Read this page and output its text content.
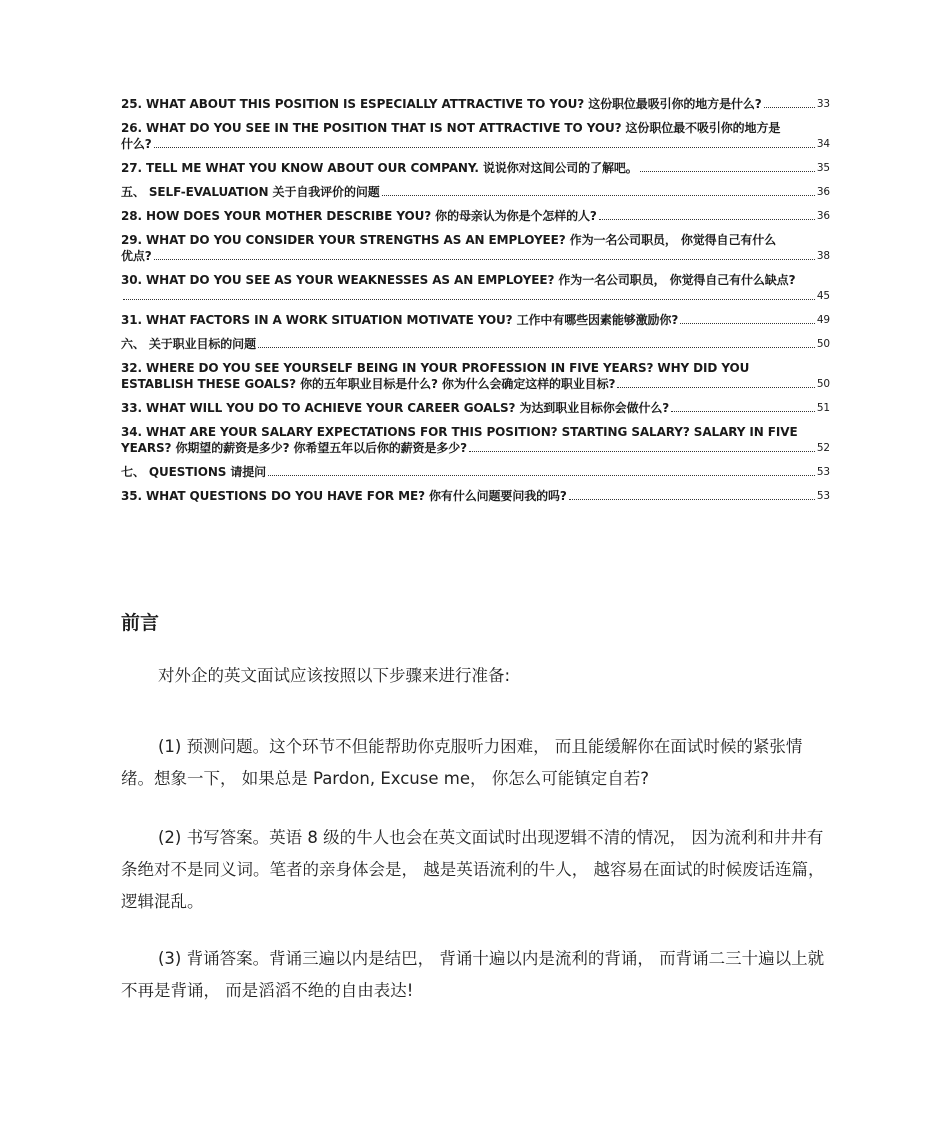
25. WHAT ABOUT THIS POSITION IS ESPECIALLY ATTRACTIVE TO YOU? 这份职位最吸引你的地方是什么?	33
26. WHAT DO YOU SEE IN THE POSITION THAT IS NOT ATTRACTIVE TO YOU? 这份职位最不吸引你的地方是
什么?	34
27. TELL ME WHAT YOU KNOW ABOUT OUR COMPANY. 说说你对这间公司的了解吧。	35
五、 SELF-EVALUATION 关于自我评价的问题	36
28. HOW DOES YOUR MOTHER DESCRIBE YOU? 你的母亲认为你是个怎样的人?	36
29. WHAT DO YOU CONSIDER YOUR STRENGTHS AS AN EMPLOYEE? 作为一名公司职员， 你觉得自己有什么
优点?	38
30. WHAT DO YOU SEE AS YOUR WEAKNESSES AS AN EMPLOYEE? 作为一名公司职员， 你觉得自己有什么缺点?
45
31. WHAT FACTORS IN A WORK SITUATION MOTIVATE YOU? 工作中有哪些因素能够激励你?	49
六、 关于职业目标的问题	50
32. WHERE DO YOU SEE YOURSELF BEING IN YOUR PROFESSION IN FIVE YEARS? WHY DID YOU
ESTABLISH THESE GOALS? 你的五年职业目标是什么? 你为什么会确定这样的职业目标?	50
33. WHAT WILL YOU DO TO ACHIEVE YOUR CAREER GOALS? 为达到职业目标你会做什么?	51
34. WHAT ARE YOUR SALARY EXPECTATIONS FOR THIS POSITION? STARTING SALARY? SALARY IN FIVE
YEARS? 你期望的薪资是多少? 你希望五年以后你的薪资是多少?	52
七、 QUESTIONS 请提问	53
35. WHAT QUESTIONS DO YOU HAVE FOR ME? 你有什么问题要问我的吗?	53
前言

对外企的英文面试应该按照以下步骤来进行准备:

(1) 预测问题。这个环节不但能帮助你克服听力困难， 而且能缓解你在面试时候的紧张情绪。想象一下， 如果总是 Pardon, Excuse me， 你怎么可能镇定自若?

(2) 书写答案。英语 8 级的牛人也会在英文面试时出现逻辑不清的情况， 因为流利和井井有条绝对不是同义词。笔者的亲身体会是， 越是英语流利的牛人， 越容易在面试的时候废话连篇， 逻辑混乱。

(3) 背诵答案。背诵三遍以内是结巴， 背诵十遍以内是流利的背诵， 而背诵二三十遍以上就不再是背诵， 而是滔滔不绝的自由表达!
